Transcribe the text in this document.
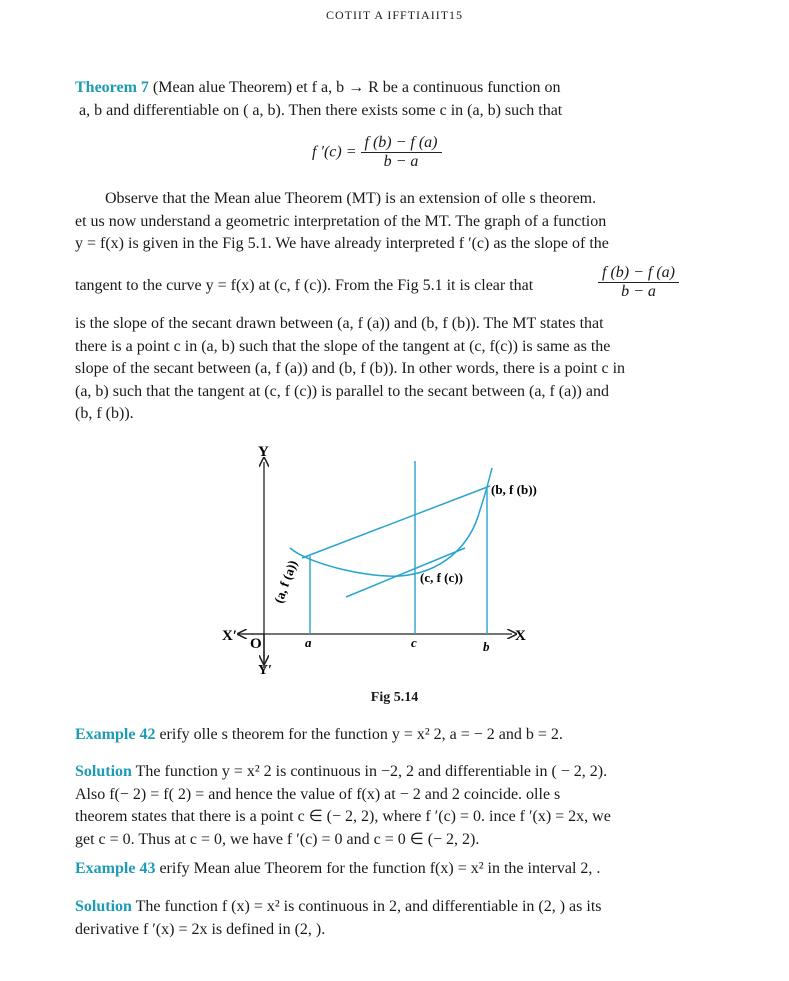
COTIIT A IFFTIAIIT15
Theorem 7 (Mean alue Theorem) et f a, b → R be a continuous function on
a, b and differentiable on ( a, b). Then there exists some c in (a, b) such that
f $'(c) = \frac{f (b) - f (a)}{b - a}$
Observe that the Mean alue Theorem (MT) is an extension of olle s theorem.
et us now understand a geometric interpretation of the MT. The graph of a function
y = f(x) is given in the Fig 5.1. We have already interpreted f ′(c) as the slope of the
tangent to the curve y = f(x) at (c, f (c)). From the Fig 5.1 it is clear that	$\frac{f (b) - f (a)}{b - a}$
is the slope of the secant drawn between (a, f (a)) and (b, f (b)). The MT states that
there is a point c in (a, b) such that the slope of the tangent at (c, f(c)) is same as the
slope of the secant between (a, f (a)) and (b, f (b)). In other words, there is a point c in
(a, b) such that the tangent at (c, f (c)) is parallel to the secant between (a, f (a)) and
(b, f (b)).
Y
Y′
X
X′ O	a	c	b
(b, f (b))
(c, f (c))
(a, f (a))
Fig 5.14
Example 42 erify olle s theorem for the function y = x² 2, a = − 2 and b = 2.
Solution The function y = x² 2 is continuous in −2, 2 and differentiable in ( − 2, 2).
Also f(− 2) = f( 2) = and hence the value of f(x) at − 2 and 2 coincide. olle s
theorem states that there is a point c ∈ (− 2, 2), where f ′(c) = 0. ince f ′(x) = 2x, we
get c = 0. Thus at c = 0, we have f ′(c) = 0 and c = 0 ∈ (− 2, 2).
Example 43 erify Mean alue Theorem for the function f(x) = x² in the interval 2, .
Solution The function f (x) = x² is continuous in 2, and differentiable in (2, ) as its
derivative f ′(x) = 2x is defined in (2, ).
